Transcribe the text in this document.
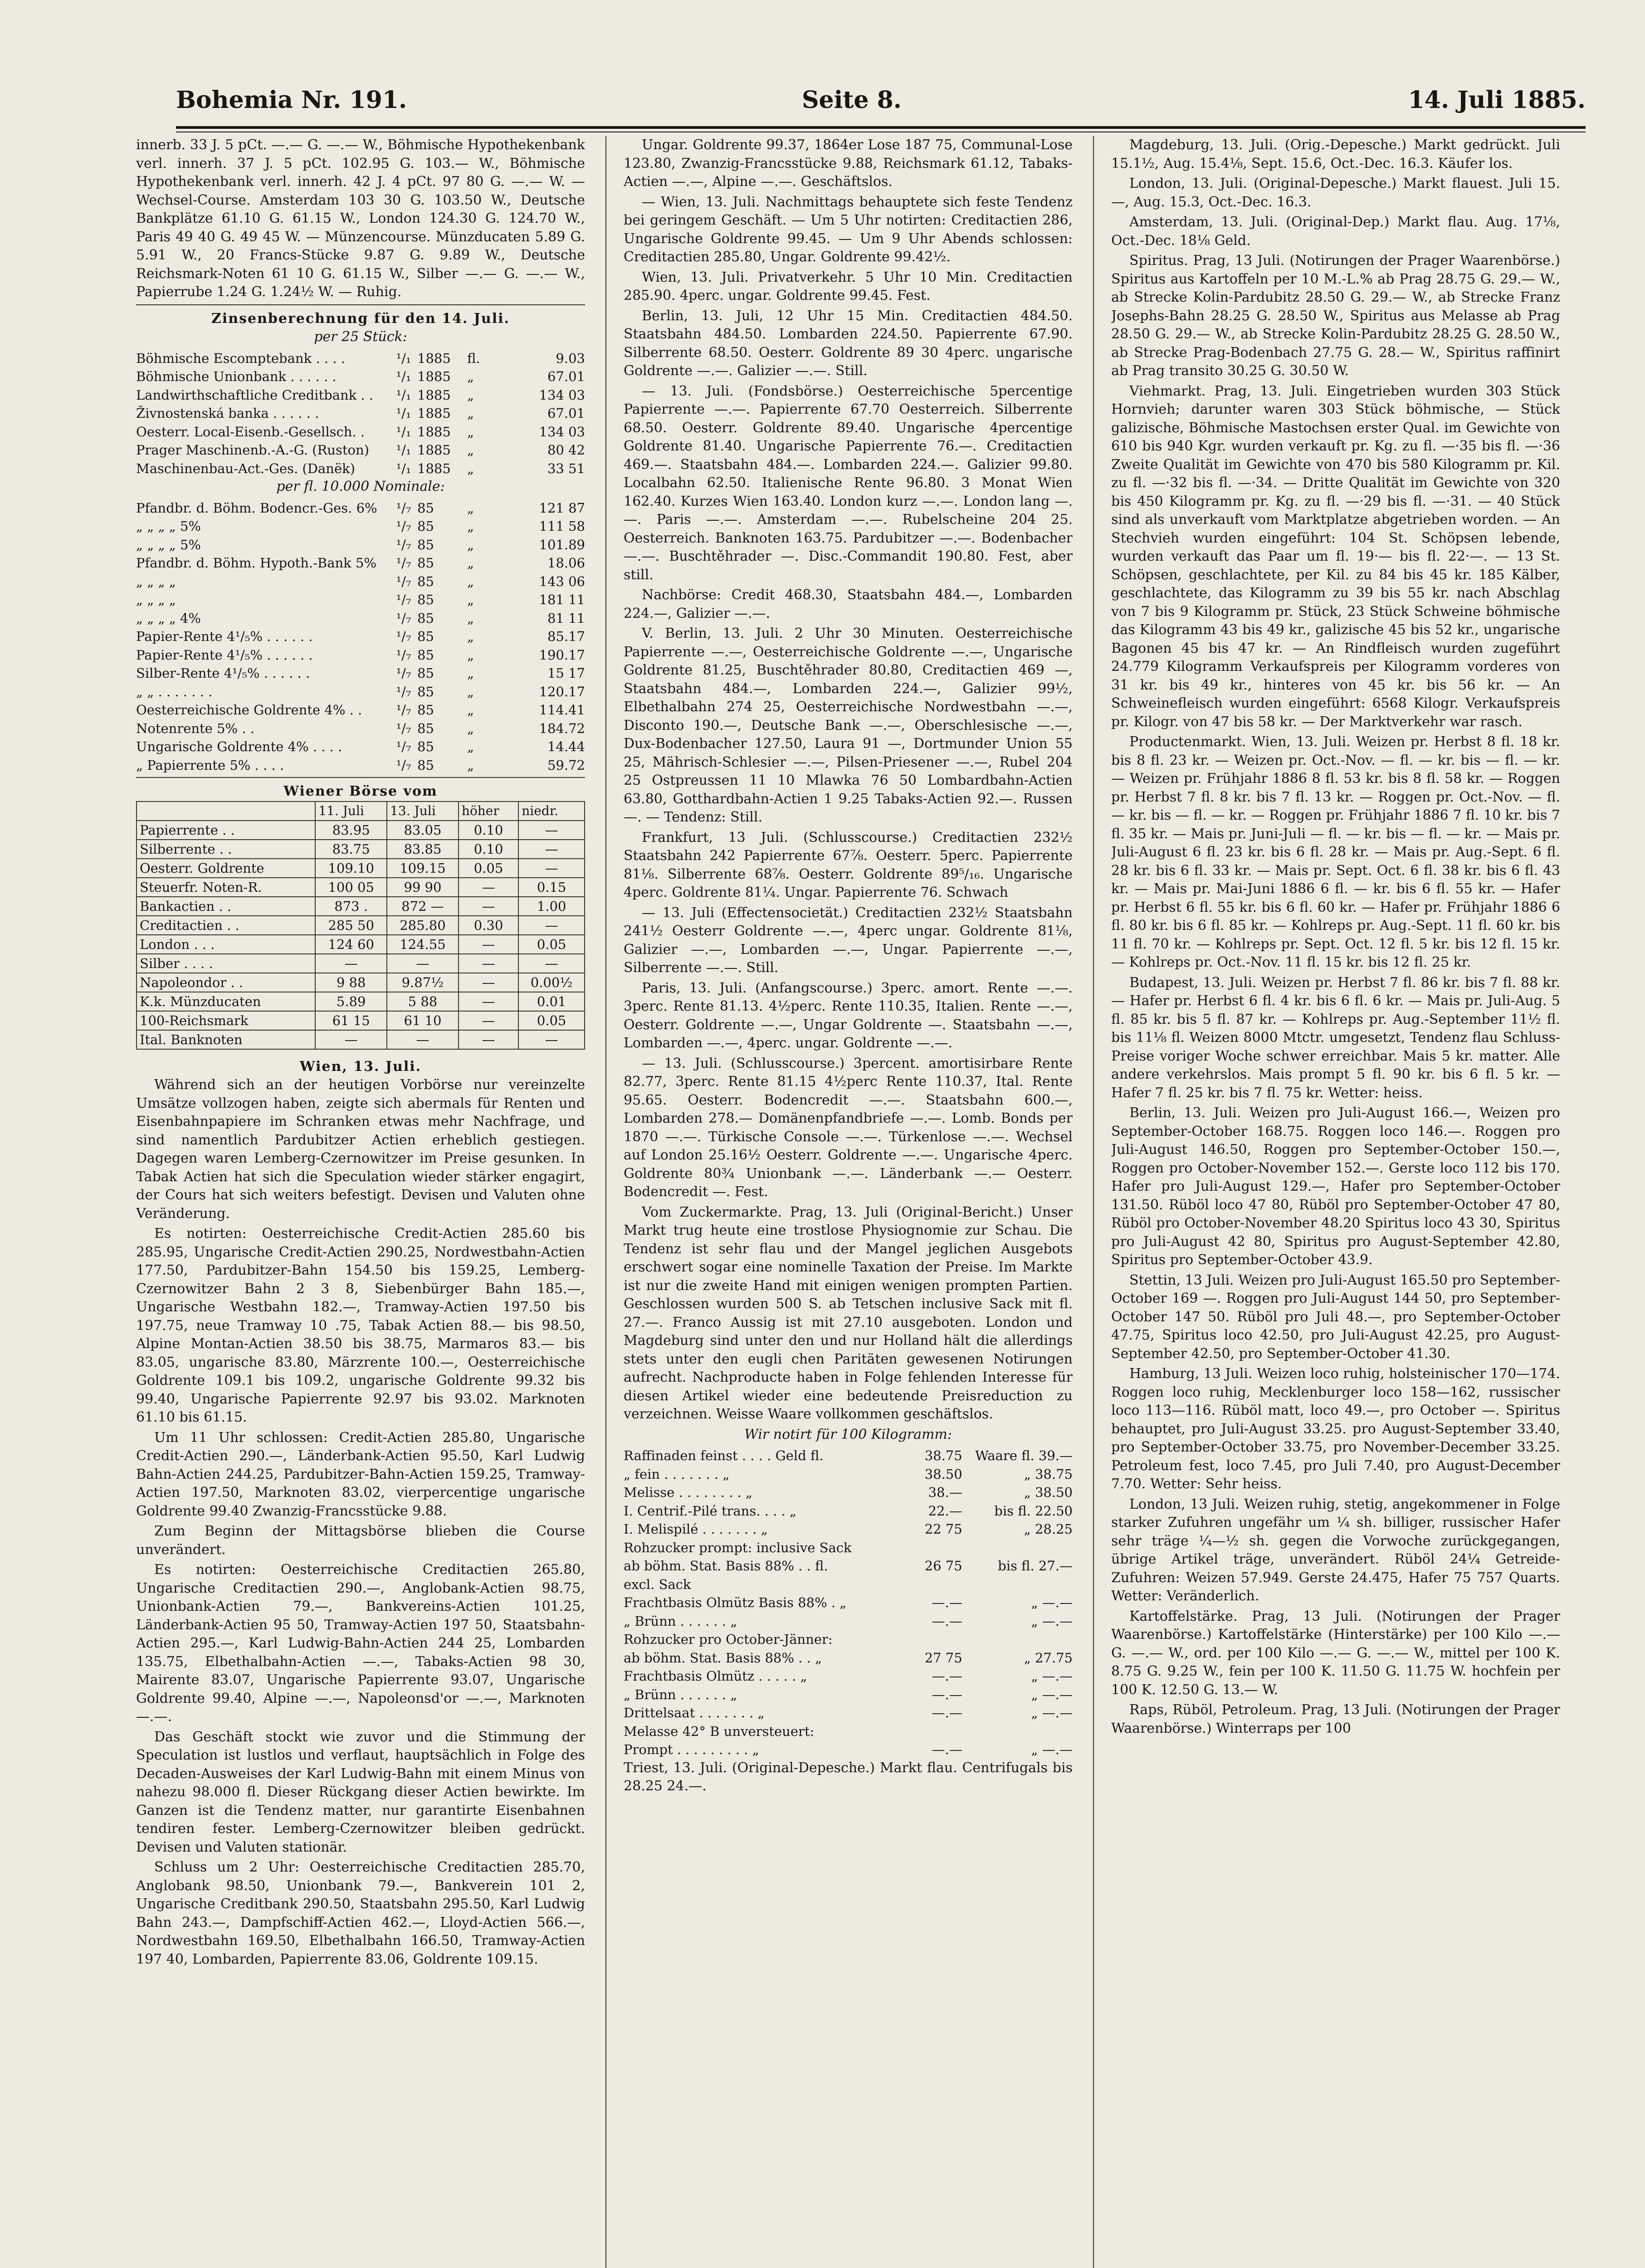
Bohemia Nr. 191.	Seite 8.	14. Juli 1885.

innerb. 33 J. 5 pCt. —.— G. —.— W., Böhmische Hypothekenbank verl. innerh. 37 J. 5 pCt. 102.95 G. 103.— W., Böhmische Hypothekenbank verl. innerh. 42 J. 4 pCt. 97 80 G. —.— W. — Wechsel-Course. Amsterdam 103 30 G. 103.50 W., Deutsche Bankplätze 61.10 G. 61.15 W., London 124.30 G. 124.70 W., Paris 49 40 G. 49 45 W. — Münzencourse. Münzducaten 5.89 G. 5.91 W., 20 Francs-Stücke 9.87 G. 9.89 W., Deutsche Reichsmark-Noten 61 10 G. 61.15 W., Silber —.— G. —.— W., Papierrube 1.24 G. 1.24½ W. — Ruhig.

Zinsenberechnung für den 14. Juli.

per 25 Stück:

Böhmische Escomptebank . . . .	¹/₁	1885	fl.	9.03
Böhmische Unionbank . . . . . .	¹/₁	1885	„	67.01
Landwirthschaftliche Creditbank . .	¹/₁	1885	„	134 03
Živnostenská banka . . . . . .	¹/₁	1885	„	67.01
Oesterr. Local-Eisenb.-Gesellsch. .	¹/₁	1885	„	134 03
Prager Maschinenb.-A.-G. (Ruston)	¹/₁	1885	„	80 42
Maschinenbau-Act.-Ges. (Danëk)	¹/₁	1885	„	33 51

per fl. 10.000 Nominale:

Pfandbr. d. Böhm. Bodencr.-Ges. 6%	¹/₇	85	„	121 87
„ „ „ „ 5%	¹/₇	85	„	111 58
„ „ „ „ 5%	¹/₇	85	„	101.89
Pfandbr. d. Böhm. Hypoth.-Bank 5%	¹/₇	85	„	18.06
„ „ „ „	¹/₇	85	„	143 06
„ „ „ „	¹/₇	85	„	181 11
„ „ „ „ 4%	¹/₇	85	„	81 11
Papier-Rente 4¹/₅% . . . . . .	¹/₇	85	„	85.17
Papier-Rente 4¹/₅% . . . . . .	¹/₇	85	„	190.17
Silber-Rente 4¹/₅% . . . . . .	¹/₇	85	„	15 17
„ „ . . . . . . .	¹/₇	85	„	120.17
Oesterreichische Goldrente 4% . .	¹/₇	85	„	114.41
Notenrente 5% . .	¹/₇	85	„	184.72
Ungarische Goldrente 4% . . . .	¹/₇	85	„	14.44
„ Papierrente 5% . . . .	¹/₇	85	„	59.72

Wiener Börse vom

	11. Juli	13. Juli	höher	niedr.
Papierrente . .	83.95	83.05	0.10	—
Silberrente . .	83.75	83.85	0.10	—
Oesterr. Goldrente	109.10	109.15	0.05	—
Steuerfr. Noten-R.	100 05	99 90	—	0.15
Bankactien . .	873 .	872 —	—	1.00
Creditactien . .	285 50	285.80	0.30	—
London . . .	124 60	124.55	—	0.05
Silber . . . .	—	—	—	—
Napoleondor . .	9 88	9.87½	—	0.00½
K.k. Münzducaten	5.89	5 88	—	0.01
100-Reichsmark	61 15	61 10	—	0.05
Ital. Banknoten	—	—	—	—

Wien, 13. Juli.

Während sich an der heutigen Vorbörse nur vereinzelte Umsätze vollzogen haben, zeigte sich abermals für Renten und Eisenbahnpapiere im Schranken etwas mehr Nachfrage, und sind namentlich Pardubitzer Actien erheblich gestiegen. Dagegen waren Lemberg-Czernowitzer im Preise gesunken. In Tabak Actien hat sich die Speculation wieder stärker engagirt, der Cours hat sich weiters befestigt. Devisen und Valuten ohne Veränderung.

Es notirten: Oesterreichische Credit-Actien 285.60 bis 285.95, Ungarische Credit-Actien 290.25, Nordwestbahn-Actien 177.50, Pardubitzer-Bahn 154.50 bis 159.25, Lemberg-Czernowitzer Bahn 2 3 8, Siebenbürger Bahn 185.—, Ungarische Westbahn 182.—, Tramway-Actien 197.50 bis 197.75, neue Tramway 10 .75, Tabak Actien 88.— bis 98.50, Alpine Montan-Actien 38.50 bis 38.75, Marmaros 83.— bis 83.05, ungarische 83.80, Märzrente 100.—, Oesterreichische Goldrente 109.1 bis 109.2, ungarische Goldrente 99.32 bis 99.40, Ungarische Papierrente 92.97 bis 93.02. Marknoten 61.10 bis 61.15.

Um 11 Uhr schlossen: Credit-Actien 285.80, Ungarische Credit-Actien 290.—, Länderbank-Actien 95.50, Karl Ludwig Bahn-Actien 244.25, Pardubitzer-Bahn-Actien 159.25, Tramway-Actien 197.50, Marknoten 83.02, vierpercentige ungarische Goldrente 99.40 Zwanzig-Francsstücke 9.88.

Zum Beginn der Mittagsbörse blieben die Course unverändert.

Es notirten: Oesterreichische Creditactien 265.80, Ungarische Creditactien 290.—, Anglobank-Actien 98.75, Unionbank-Actien 79.—, Bankvereins-Actien 101.25, Länderbank-Actien 95 50, Tramway-Actien 197 50, Staatsbahn-Actien 295.—, Karl Ludwig-Bahn-Actien 244 25, Lombarden 135.75, Elbethalbahn-Actien —.—, Tabaks-Actien 98 30, Mairente 83.07, Ungarische Papierrente 93.07, Ungarische Goldrente 99.40, Alpine —.—, Napoleonsd'or —.—, Marknoten —.—.

Das Geschäft stockt wie zuvor und die Stimmung der Speculation ist lustlos und verflaut, hauptsächlich in Folge des Decaden-Ausweises der Karl Ludwig-Bahn mit einem Minus von nahezu 98.000 fl. Dieser Rückgang dieser Actien bewirkte. Im Ganzen ist die Tendenz matter, nur garantirte Eisenbahnen tendiren fester. Lemberg-Czernowitzer bleiben gedrückt. Devisen und Valuten stationär.

Schluss um 2 Uhr: Oesterreichische Creditactien 285.70, Anglobank 98.50, Unionbank 79.—, Bankverein 101 2, Ungarische Creditbank 290.50, Staatsbahn 295.50, Karl Ludwig Bahn 243.—, Dampfschiff-Actien 462.—, Lloyd-Actien 566.—, Nordwestbahn 169.50, Elbethalbahn 166.50, Tramway-Actien 197 40, Lombarden, Papierrente 83.06, Goldrente 109.15.

Ungar. Goldrente 99.37, 1864er Lose 187 75, Communal-Lose 123.80, Zwanzig-Francsstücke 9.88, Reichsmark 61.12, Tabaks-Actien —.—, Alpine —.—. Geschäftslos.

— Wien, 13. Juli. Nachmittags behauptete sich feste Tendenz bei geringem Geschäft. — Um 5 Uhr notirten: Creditactien 286, Ungarische Goldrente 99.45. — Um 9 Uhr Abends schlossen: Creditactien 285.80, Ungar. Goldrente 99.42½.

Wien, 13. Juli. Privatverkehr. 5 Uhr 10 Min. Creditactien 285.90. 4perc. ungar. Goldrente 99.45. Fest.

Berlin, 13. Juli, 12 Uhr 15 Min. Creditactien 484.50. Staatsbahn 484.50. Lombarden 224.50. Papierrente 67.90. Silberrente 68.50. Oesterr. Goldrente 89 30 4perc. ungarische Goldrente —.—. Galizier —.—. Still.

— 13. Juli. (Fondsbörse.) Oesterreichische 5percentige Papierrente —.—. Papierrente 67.70 Oesterreich. Silberrente 68.50. Oesterr. Goldrente 89.40. Ungarische 4percentige Goldrente 81.40. Ungarische Papierrente 76.—. Creditactien 469.—. Staatsbahn 484.—. Lombarden 224.—. Galizier 99.80. Localbahn 62.50. Italienische Rente 96.80. 3 Monat Wien 162.40. Kurzes Wien 163.40. London kurz —.—. London lang —.—. Paris —.—. Amsterdam —.—. Rubelscheine 204 25. Oesterreich. Banknoten 163.75. Pardubitzer —.—. Bodenbacher —.—. Buschtěhrader —. Disc.-Commandit 190.80. Fest, aber still.

Nachbörse: Credit 468.30, Staatsbahn 484.—, Lombarden 224.—, Galizier —.—.

V. Berlin, 13. Juli. 2 Uhr 30 Minuten. Oesterreichische Papierrente —.—, Oesterreichische Goldrente —.—, Ungarische Goldrente 81.25, Buschtěhrader 80.80, Creditactien 469 —, Staatsbahn 484.—, Lombarden 224.—, Galizier 99½, Elbethalbahn 274 25, Oesterreichische Nordwestbahn —.—, Disconto 190.—, Deutsche Bank —.—, Oberschlesische —.—, Dux-Bodenbacher 127.50, Laura 91 —, Dortmunder Union 55 25, Mährisch-Schlesier —.—, Pilsen-Priesener —.—, Rubel 204 25 Ostpreussen 11 10 Mlawka 76 50 Lombardbahn-Actien 63.80, Gotthardbahn-Actien 1 9.25 Tabaks-Actien 92.—. Russen —. — Tendenz: Still.

Frankfurt, 13 Juli. (Schlusscourse.) Creditactien 232½ Staatsbahn 242 Papierrente 67⅞. Oesterr. 5perc. Papierrente 81⅛. Silberrente 68⅞. Oesterr. Goldrente 89⁵/₁₆. Ungarische 4perc. Goldrente 81¼. Ungar. Papierrente 76. Schwach

— 13. Juli (Effectensocietät.) Creditactien 232½ Staatsbahn 241½ Oesterr Goldrente —.—, 4perc ungar. Goldrente 81⅛, Galizier —.—, Lombarden —.—, Ungar. Papierrente —.—, Silberrente —.—. Still.

Paris, 13. Juli. (Anfangscourse.) 3perc. amort. Rente —.—. 3perc. Rente 81.13. 4½perc. Rente 110.35, Italien. Rente —.—, Oesterr. Goldrente —.—, Ungar Goldrente —. Staatsbahn —.—, Lombarden —.—, 4perc. ungar. Goldrente —.—.

— 13. Juli. (Schlusscourse.) 3percent. amortisirbare Rente 82.77, 3perc. Rente 81.15 4½perc Rente 110.37, Ital. Rente 95.65. Oesterr. Bodencredit —.—. Staatsbahn 600.—, Lombarden 278.— Domänenpfandbriefe —.—. Lomb. Bonds per 1870 —.—. Türkische Console —.—. Türkenlose —.—. Wechsel auf London 25.16½ Oesterr. Goldrente —.—. Ungarische 4perc. Goldrente 80¾ Unionbank —.—. Länderbank —.— Oesterr. Bodencredit —. Fest.

Vom Zuckermarkte. Prag, 13. Juli (Original-Bericht.) Unser Markt trug heute eine trostlose Physiognomie zur Schau. Die Tendenz ist sehr flau und der Mangel jeglichen Ausgebots erschwert sogar eine nominelle Taxation der Preise. Im Markte ist nur die zweite Hand mit einigen wenigen prompten Partien. Geschlossen wurden 500 S. ab Tetschen inclusive Sack mit fl. 27.—. Franco Aussig ist mit 27.10 ausgeboten. London und Magdeburg sind unter den und nur Holland hält die allerdings stets unter den eugli chen Paritäten gewesenen Notirungen aufrecht. Nachproducte haben in Folge fehlenden Interesse für diesen Artikel wieder eine bedeutende Preisreduction zu verzeichnen. Weisse Waare vollkommen geschäftslos.

Wir notirt für 100 Kilogramm:

Raffinaden feinst . . . . Geld fl.	38.75	Waare fl. 39.—
„ fein . . . . . . . „	38.50	„ 38.75
Melisse . . . . . . . . „	38.—	„ 38.50
I. Centrif.-Pilé trans. . . . „	22.—	bis fl. 22.50
I. Melispilé . . . . . . . „	22 75	„ 28.25
Rohzucker prompt: inclusive Sack		
ab böhm. Stat. Basis 88% . . fl.	26 75	bis fl. 27.—
excl. Sack		
Frachtbasis Olmütz Basis 88% . „	—.—	„ —.—
„ Brünn . . . . . . „	—.—	„ —.—
Rohzucker pro October-Jänner:		
ab böhm. Stat. Basis 88% . . „	27 75	„ 27.75
Frachtbasis Olmütz . . . . . „	—.—	„ —.—
„ Brünn . . . . . . „	—.—	„ —.—
Drittelsaat . . . . . . . „	—.—	„ —.—
Melasse 42° B unversteuert:		
Prompt . . . . . . . . . „	—.—	„ —.—

Triest, 13. Juli. (Original-Depesche.) Markt flau. Centrifugals bis 28.25 24.—.

Magdeburg, 13. Juli. (Orig.-Depesche.) Markt gedrückt. Juli 15.1½, Aug. 15.4⅛, Sept. 15.6, Oct.-Dec. 16.3. Käufer los.

London, 13. Juli. (Original-Depesche.) Markt flauest. Juli 15.—, Aug. 15.3, Oct.-Dec. 16.3.

Amsterdam, 13. Juli. (Original-Dep.) Markt flau. Aug. 17⅛, Oct.-Dec. 18⅛ Geld.

Spiritus. Prag, 13 Juli. (Notirungen der Prager Waarenbörse.) Spiritus aus Kartoffeln per 10 M.-L.% ab Prag 28.75 G. 29.— W., ab Strecke Kolin-Pardubitz 28.50 G. 29.— W., ab Strecke Franz Josephs-Bahn 28.25 G. 28.50 W., Spiritus aus Melasse ab Prag 28.50 G. 29.— W., ab Strecke Kolin-Pardubitz 28.25 G. 28.50 W., ab Strecke Prag-Bodenbach 27.75 G. 28.— W., Spiritus raffinirt ab Prag transito 30.25 G. 30.50 W.

Viehmarkt. Prag, 13. Juli. Eingetrieben wurden 303 Stück Hornvieh; darunter waren 303 Stück böhmische, — Stück galizische, Böhmische Mastochsen erster Qual. im Gewichte von 610 bis 940 Kgr. wurden verkauft pr. Kg. zu fl. —·35 bis fl. —·36 Zweite Qualität im Gewichte von 470 bis 580 Kilogramm pr. Kil. zu fl. —·32 bis fl. —·34. — Dritte Qualität im Gewichte von 320 bis 450 Kilogramm pr. Kg. zu fl. —·29 bis fl. —·31. — 40 Stück sind als unverkauft vom Marktplatze abgetrieben worden. — An Stechvieh wurden eingeführt: 104 St. Schöpsen lebende, wurden verkauft das Paar um fl. 19·— bis fl. 22·—. — 13 St. Schöpsen, geschlachtete, per Kil. zu 84 bis 45 kr. 185 Kälber, geschlachtete, das Kilogramm zu 39 bis 55 kr. nach Abschlag von 7 bis 9 Kilogramm pr. Stück, 23 Stück Schweine böhmische das Kilogramm 43 bis 49 kr., galizische 45 bis 52 kr., ungarische Bagonen 45 bis 47 kr. — An Rindfleisch wurden zugeführt 24.779 Kilogramm Verkaufspreis per Kilogramm vorderes von 31 kr. bis 49 kr., hinteres von 45 kr. bis 56 kr. — An Schweinefleisch wurden eingeführt: 6568 Kilogr. Verkaufspreis pr. Kilogr. von 47 bis 58 kr. — Der Marktverkehr war rasch.

Productenmarkt. Wien, 13. Juli. Weizen pr. Herbst 8 fl. 18 kr. bis 8 fl. 23 kr. — Weizen pr. Oct.-Nov. — fl. — kr. bis — fl. — kr. — Weizen pr. Frühjahr 1886 8 fl. 53 kr. bis 8 fl. 58 kr. — Roggen pr. Herbst 7 fl. 8 kr. bis 7 fl. 13 kr. — Roggen pr. Oct.-Nov. — fl. — kr. bis — fl. — kr. — Roggen pr. Frühjahr 1886 7 fl. 10 kr. bis 7 fl. 35 kr. — Mais pr. Juni-Juli — fl. — kr. bis — fl. — kr. — Mais pr. Juli-August 6 fl. 23 kr. bis 6 fl. 28 kr. — Mais pr. Aug.-Sept. 6 fl. 28 kr. bis 6 fl. 33 kr. — Mais pr. Sept. Oct. 6 fl. 38 kr. bis 6 fl. 43 kr. — Mais pr. Mai-Juni 1886 6 fl. — kr. bis 6 fl. 55 kr. — Hafer pr. Herbst 6 fl. 55 kr. bis 6 fl. 60 kr. — Hafer pr. Frühjahr 1886 6 fl. 80 kr. bis 6 fl. 85 kr. — Kohlreps pr. Aug.-Sept. 11 fl. 60 kr. bis 11 fl. 70 kr. — Kohlreps pr. Sept. Oct. 12 fl. 5 kr. bis 12 fl. 15 kr. — Kohlreps pr. Oct.-Nov. 11 fl. 15 kr. bis 12 fl. 25 kr.

Budapest, 13. Juli. Weizen pr. Herbst 7 fl. 86 kr. bis 7 fl. 88 kr. — Hafer pr. Herbst 6 fl. 4 kr. bis 6 fl. 6 kr. — Mais pr. Juli-Aug. 5 fl. 85 kr. bis 5 fl. 87 kr. — Kohlreps pr. Aug.-September 11½ fl. bis 11⅛ fl. Weizen 8000 Mtctr. umgesetzt, Tendenz flau Schluss-Preise voriger Woche schwer erreichbar. Mais 5 kr. matter. Alle andere verkehrslos. Mais prompt 5 fl. 90 kr. bis 6 fl. 5 kr. — Hafer 7 fl. 25 kr. bis 7 fl. 75 kr. Wetter: heiss.

Berlin, 13. Juli. Weizen pro Juli-August 166.—, Weizen pro September-October 168.75. Roggen loco 146.—. Roggen pro Juli-August 146.50, Roggen pro September-October 150.—, Roggen pro October-November 152.—. Gerste loco 112 bis 170. Hafer pro Juli-August 129.—, Hafer pro September-October 131.50. Rüböl loco 47 80, Rüböl pro September-October 47 80, Rüböl pro October-November 48.20 Spiritus loco 43 30, Spiritus pro Juli-August 42 80, Spiritus pro August-September 42.80, Spiritus pro September-October 43.9.

Stettin, 13 Juli. Weizen pro Juli-August 165.50 pro September-October 169 —. Roggen pro Juli-August 144 50, pro September-October 147 50. Rüböl pro Juli 48.—, pro September-October 47.75, Spiritus loco 42.50, pro Juli-August 42.25, pro August-September 42.50, pro September-October 41.30.

Hamburg, 13 Juli. Weizen loco ruhig, holsteinischer 170—174. Roggen loco ruhig, Mecklenburger loco 158—162, russischer loco 113—116. Rüböl matt, loco 49.—, pro October —. Spiritus behauptet, pro Juli-August 33.25. pro August-September 33.40, pro September-October 33.75, pro November-December 33.25. Petroleum fest, loco 7.45, pro Juli 7.40, pro August-December 7.70. Wetter: Sehr heiss.

London, 13 Juli. Weizen ruhig, stetig, angekommener in Folge starker Zufuhren ungefähr um ¼ sh. billiger, russischer Hafer sehr träge ¼—½ sh. gegen die Vorwoche zurückgegangen, übrige Artikel träge, unverändert. Rüböl 24¼ Getreide-Zufuhren: Weizen 57.949. Gerste 24.475, Hafer 75 757 Quarts. Wetter: Veränderlich.

Kartoffelstärke. Prag, 13 Juli. (Notirungen der Prager Waarenbörse.) Kartoffelstärke (Hinterstärke) per 100 Kilo —.— G. —.— W., ord. per 100 Kilo —.— G. —.— W., mittel per 100 K. 8.75 G. 9.25 W., fein per 100 K. 11.50 G. 11.75 W. hochfein per 100 K. 12.50 G. 13.— W.

Raps, Rüböl, Petroleum. Prag, 13 Juli. (Notirungen der Prager Waarenbörse.) Winterraps per 100
